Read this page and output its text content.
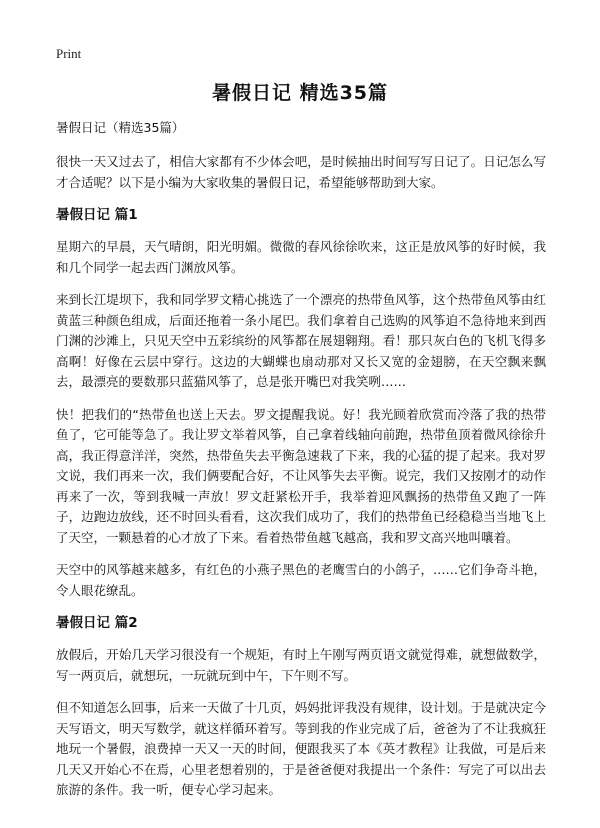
Print
暑假日记 精选35篇
暑假日记（精选35篇）
很快一天又过去了，相信大家都有不少体会吧，是时候抽出时间写写日记了。日记怎么写才合适呢？以下是小编为大家收集的暑假日记，希望能够帮助到大家。
暑假日记 篇1
星期六的早晨，天气晴朗，阳光明媚。微微的春风徐徐吹来，这正是放风筝的好时候，我和几个同学一起去西门渊放风筝。
来到长江堤坝下，我和同学罗文精心挑选了一个漂亮的热带鱼风筝，这个热带鱼风筝由红黄蓝三种颜色组成，后面还拖着一条小尾巴。我们拿着自己选购的风筝迫不急待地来到西门渊的沙滩上，只见天空中五彩缤纷的风筝都在展翅翱翔。看！那只灰白色的飞机飞得多高啊！好像在云层中穿行。这边的大蝴蝶也扇动那对又长又宽的金翅膀，在天空飘来飘去，最漂亮的要数那只蓝猫风筝了，总是张开嘴巴对我笑咧……
快！把我们的“热带鱼也送上天去。罗文提醒我说。好！我光顾着欣赏而冷落了我的热带鱼了，它可能等急了。我让罗文举着风筝，自己拿着线轴向前跑，热带鱼顶着微风徐徐升高，我正得意洋洋，突然，热带鱼失去平衡急速栽了下来，我的心猛的提了起来。我对罗文说，我们再来一次，我们俩要配合好，不让风筝失去平衡。说完，我们又按刚才的动作再来了一次，等到我喊一声放！罗文赶紧松开手，我举着迎风飘扬的热带鱼又跑了一阵子，边跑边放线，还不时回头看看，这次我们成功了，我们的热带鱼已经稳稳当当地飞上了天空，一颗悬着的心才放了下来。看着热带鱼越飞越高，我和罗文高兴地叫嚷着。
天空中的风筝越来越多，有红色的小燕子黑色的老鹰雪白的小鸽子，……它们争奇斗艳，令人眼花缭乱。
暑假日记 篇2
放假后，开始几天学习很没有一个规矩，有时上午刚写两页语文就觉得难，就想做数学，写一两页后，就想玩，一玩就玩到中午，下午则不写。
但不知道怎么回事，后来一天做了十几页，妈妈批评我没有规律，设计划。于是就决定今天写语文，明天写数学，就这样循环着写。等到我的作业完成了后，爸爸为了不让我疯狂地玩一个暑假，浪费掉一天又一天的时间，便跟我买了本《英才教程》让我做，可是后来几天又开始心不在焉，心里老想着别的，于是爸爸便对我提出一个条件：写完了可以出去旅游的条件。我一听，便专心学习起来。
